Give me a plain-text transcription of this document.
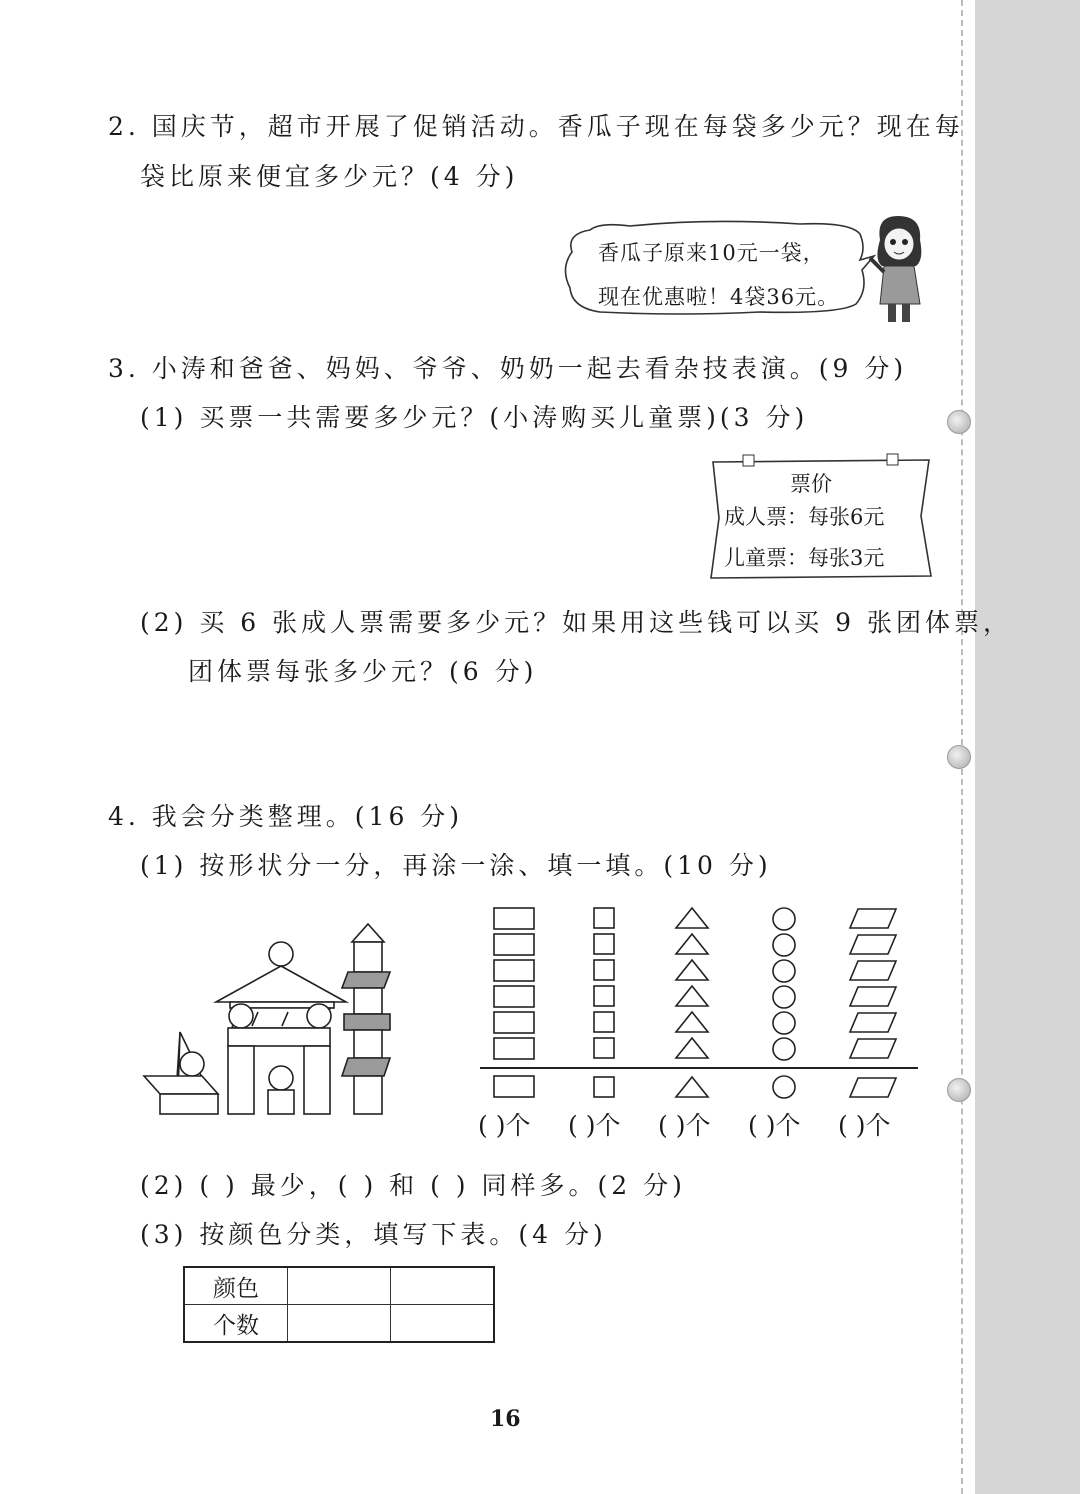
2. 国庆节，超市开展了促销活动。香瓜子现在每袋多少元？现在每
袋比原来便宜多少元？(4 分)
香瓜子原来10元一袋，
现在优惠啦！4袋36元。
3. 小涛和爸爸、妈妈、爷爷、奶奶一起去看杂技表演。(9 分)
(1) 买票一共需要多少元？(小涛购买儿童票)(3 分)
票价
成人票：每张6元
儿童票：每张3元
(2) 买 6 张成人票需要多少元？如果用这些钱可以买 9 张团体票，
团体票每张多少元？(6 分)
4. 我会分类整理。(16 分)
(1) 按形状分一分，再涂一涂、填一填。(10 分)
( )个 ( )个 ( )个 ( )个 ( )个
(2) ( ) 最少，( ) 和 ( ) 同样多。(2 分)
(3) 按颜色分类，填写下表。(4 分)
颜色		
个数		
16
